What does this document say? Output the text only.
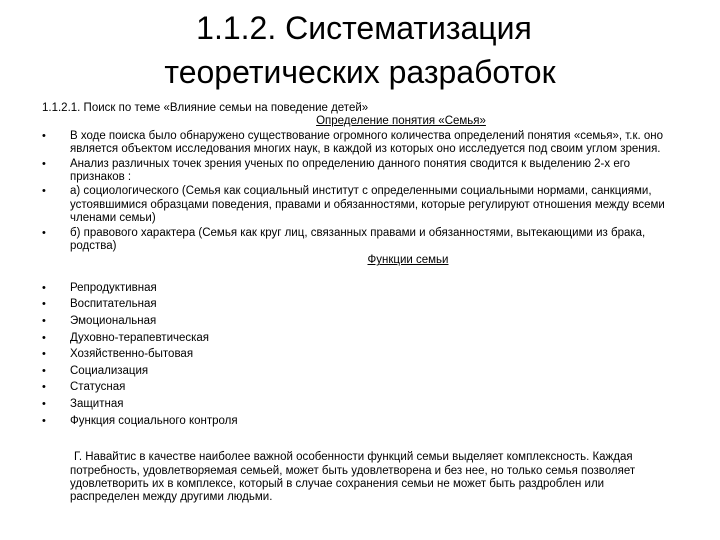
1.1.2. Систематизация
теоретических разработок

1.1.2.1. Поиск по теме «Влияние семьи на поведение детей»

Определение понятия «Семья»
• В ходе поиска было обнаружено существование огромного количества определений понятия «семья», т.к. оно является объектом исследования многих наук, в каждой из которых оно исследуется под своим углом зрения.
• Анализ различных точек зрения ученых по определению данного понятия сводится к выделению 2-х его признаков :
• а) социологического (Семья как социальный институт с определенными социальными нормами, санкциями, устоявшимися образцами поведения, правами и обязанностями, которые регулируют отношения между всеми членами семьи)
• б) правового характера (Семья как круг лиц, связанных правами и обязанностями, вытекающими из брака, родства)
Функции семьи
• Репродуктивная
• Воспитательная
• Эмоциональная
• Духовно-терапевтическая
• Хозяйственно-бытовая
• Социализация
• Статусная
• Защитная
• Функция социального контроля

Г. Навайтис в качестве наиболее важной особенности функций семьи выделяет комплексность. Каждая потребность, удовлетворяемая семьей, может быть удовлетворена и без нее, но только семья позволяет удовлетворить их в комплексе, который в случае сохранения семьи не может быть раздроблен или распределен между другими людьми.
